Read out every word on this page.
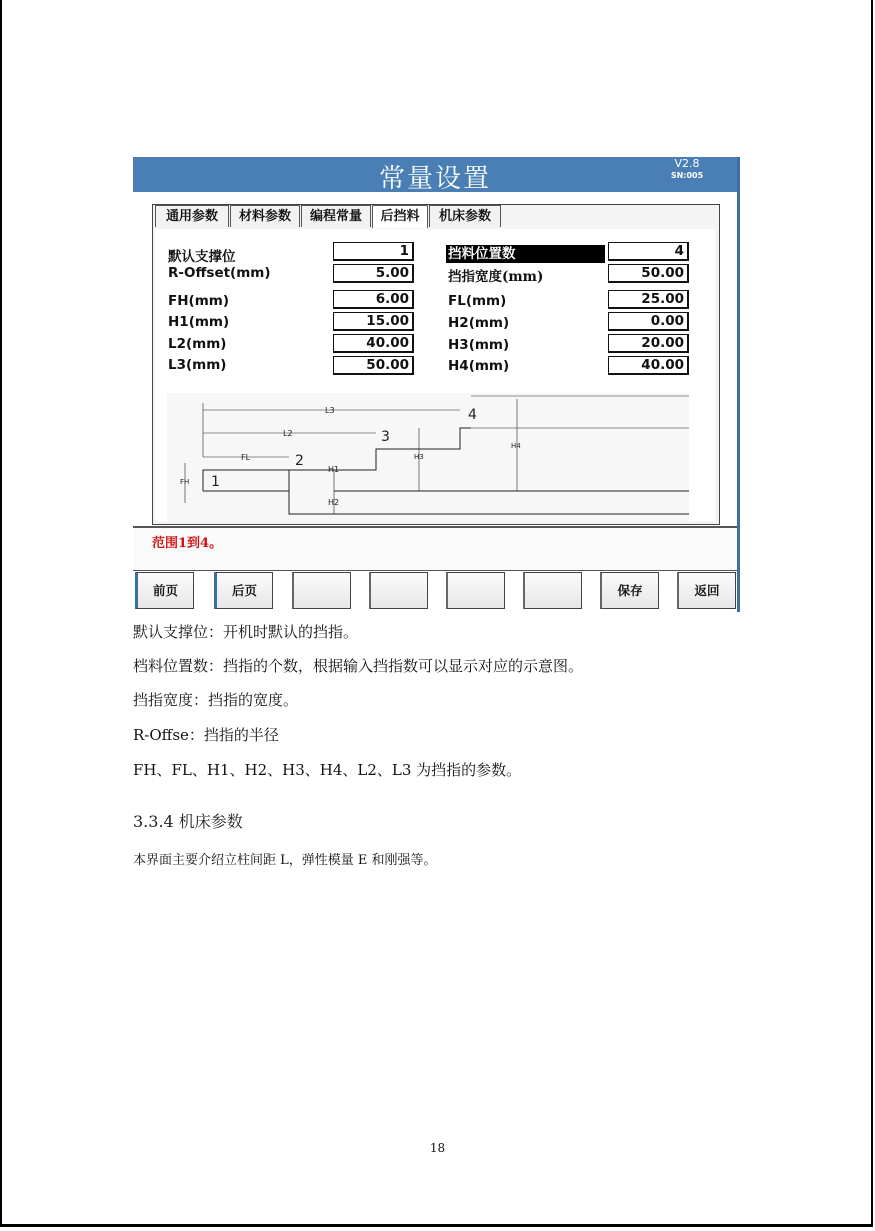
常量设置
V2.8
SN:005
通用参数	材料参数	编程常量	后挡料	机床参数
默认支撑位	1
R-Offset(mm)	5.00
FH(mm)	6.00
H1(mm)	15.00
L2(mm)	40.00
L3(mm)	50.00
挡料位置数	4
挡指宽度(mm)	50.00
FL(mm)	25.00
H2(mm)	0.00
H3(mm)	20.00
H4(mm)	40.00
L3
L2
FL
FH
H1
H2
H3
H4
1
2
3
4
范围1到4。
前页	后页	保存	返回
默认支撑位：开机时默认的挡指。
档料位置数：挡指的个数，根据输入挡指数可以显示对应的示意图。
挡指宽度：挡指的宽度。
R-Offse：挡指的半径
FH、FL、H1、H2、H3、H4、L2、L3 为挡指的参数。
3.3.4 机床参数
本界面主要介绍立柱间距 L，弹性模量 E 和刚强等。
18
